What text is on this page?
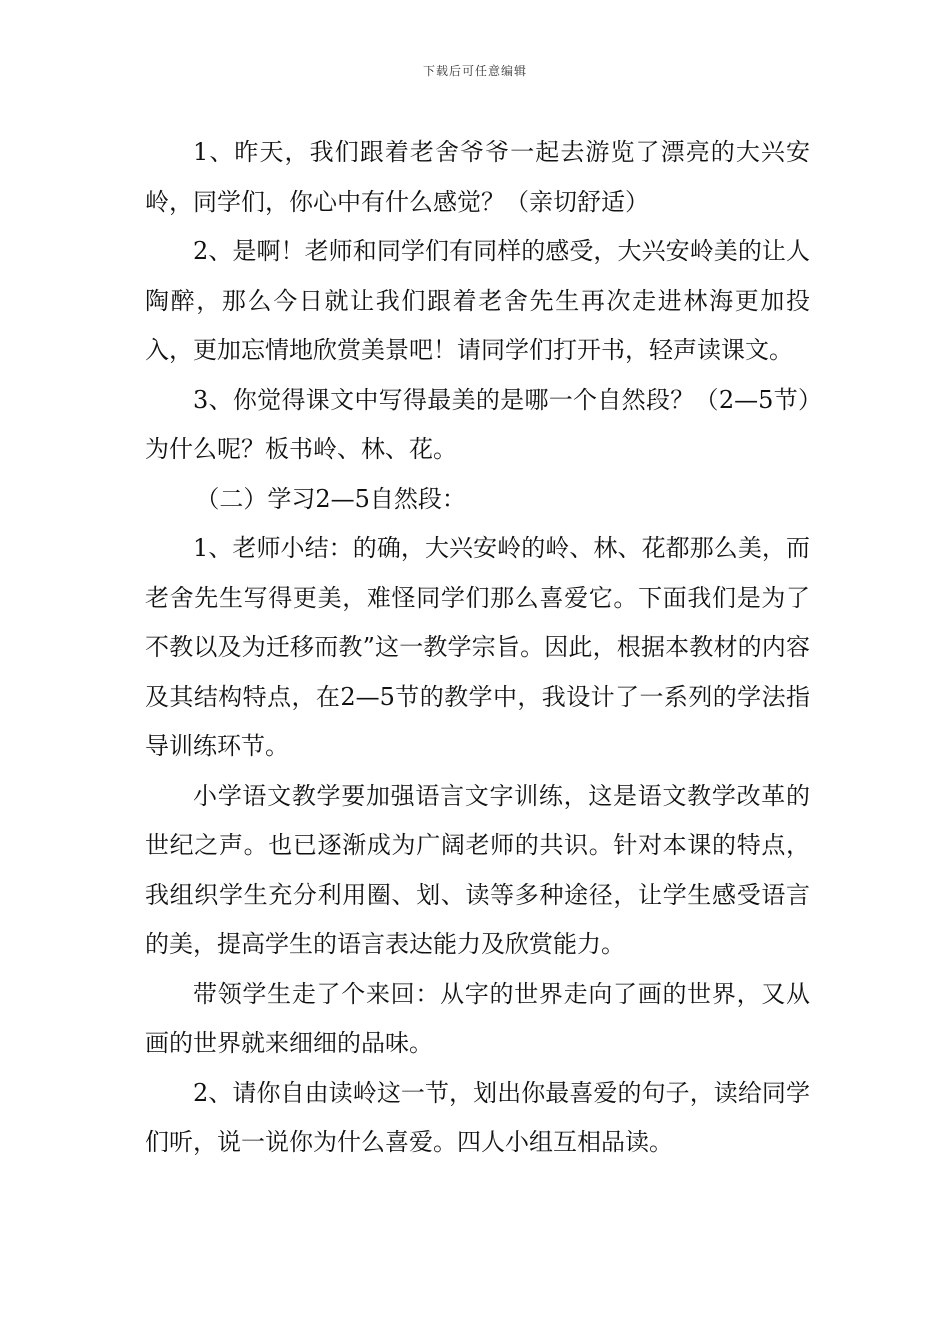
下载后可任意编辑

1、昨天，我们跟着老舍爷爷一起去游览了漂亮的大兴安岭，同学们，你心中有什么感觉？（亲切舒适）

2、是啊！老师和同学们有同样的感受，大兴安岭美的让人陶醉，那么今日就让我们跟着老舍先生再次走进林海更加投入，更加忘情地欣赏美景吧！请同学们打开书，轻声读课文。

3、你觉得课文中写得最美的是哪一个自然段？（2—5节）为什么呢？板书岭、林、花。

（二）学习2—5自然段：

1、老师小结：的确，大兴安岭的岭、林、花都那么美，而老舍先生写得更美，难怪同学们那么喜爱它。下面我们是为了不教以及为迁移而教”这一教学宗旨。因此，根据本教材的内容及其结构特点，在2—5节的教学中，我设计了一系列的学法指导训练环节。

小学语文教学要加强语言文字训练，这是语文教学改革的世纪之声。也已逐渐成为广阔老师的共识。针对本课的特点，我组织学生充分利用圈、划、读等多种途径，让学生感受语言的美，提高学生的语言表达能力及欣赏能力。

带领学生走了个来回：从字的世界走向了画的世界，又从画的世界就来细细的品味。

2、请你自由读岭这一节，划出你最喜爱的句子，读给同学们听，说一说你为什么喜爱。四人小组互相品读。
